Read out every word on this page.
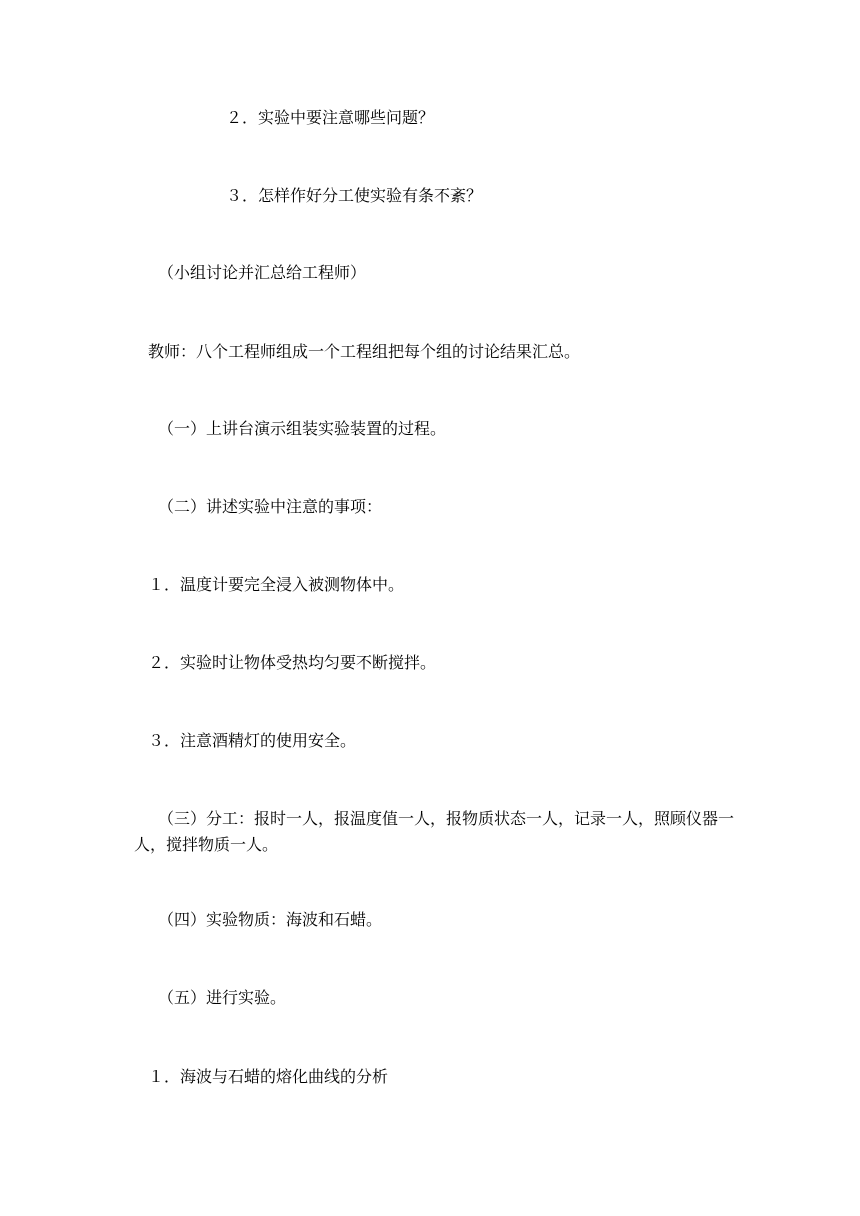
２．实验中要注意哪些问题？

３．怎样作好分工使实验有条不紊？

（小组讨论并汇总给工程师）

教师：八个工程师组成一个工程组把每个组的讨论结果汇总。

（一）上讲台演示组装实验装置的过程。

（二）讲述实验中注意的事项：

１．温度计要完全浸入被测物体中。

２．实验时让物体受热均匀要不断搅拌。

３．注意酒精灯的使用安全。

（三）分工：报时一人，报温度值一人，报物质状态一人，记录一人，照顾仪器一人，搅拌物质一人。

（四）实验物质：海波和石蜡。

（五）进行实验。

１．海波与石蜡的熔化曲线的分析
